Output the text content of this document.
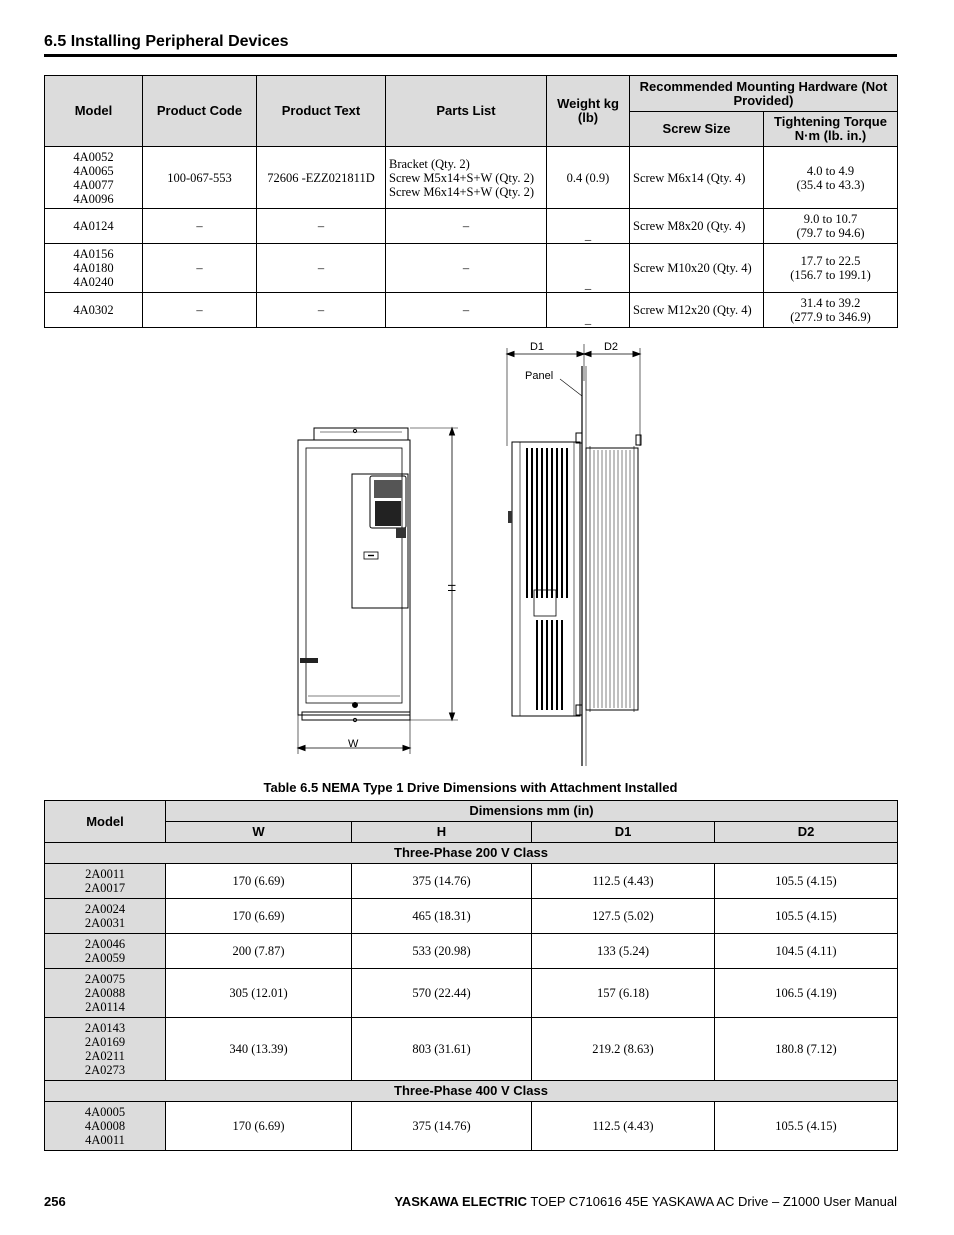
6.5 Installing Peripheral Devices
Model	Product Code	Product Text	Parts List	Weight kg (lb)	Recommended Mounting Hardware (Not Provided)	
					Screw Size	Tightening Torque N·m (lb. in.)

4A0052
4A0065
4A0077
4A0096	100-067-553	72606 -EZZ021811D	Bracket (Qty. 2)
Screw M5x14+S+W (Qty. 2)
Screw M6x14+S+W (Qty. 2)	0.4 (0.9)	Screw M6x14 (Qty. 4)	4.0 to 4.9
(35.4 to 43.3)

4A0124	–	–	–	_	Screw M8x20 (Qty. 4)	9.0 to 10.7
(79.7 to 94.6)

4A0156
4A0180
4A0240	–	–	–	_	Screw M10x20 (Qty. 4)	17.7 to 22.5
(156.7 to 199.1)

4A0302	–	–	–	_	Screw M12x20 (Qty. 4)	31.4 to 39.2
(277.9 to 346.9)
H
W
D1	D2
Panel
Table 6.5 NEMA Type 1 Drive Dimensions with Attachment Installed
Model	Dimensions mm (in)			
	W	H	D1	D2
Three-Phase 200 V Class				

2A0011
2A0017	170 (6.69)	375 (14.76)	112.5 (4.43)	105.5 (4.15)

2A0024
2A0031	170 (6.69)	465 (18.31)	127.5 (5.02)	105.5 (4.15)

2A0046
2A0059	200 (7.87)	533 (20.98)	133 (5.24)	104.5 (4.11)

2A0075
2A0088
2A0114	305 (12.01)	570 (22.44)	157 (6.18)	106.5 (4.19)

2A0143
2A0169
2A0211
2A0273	340 (13.39)	803 (31.61)	219.2 (8.63)	180.8 (7.12)
Three-Phase 400 V Class				

4A0005
4A0008
4A0011	170 (6.69)	375 (14.76)	112.5 (4.43)	105.5 (4.15)
256	YASKAWA ELECTRIC TOEP C710616 45E YASKAWA AC Drive – Z1000 User Manual
